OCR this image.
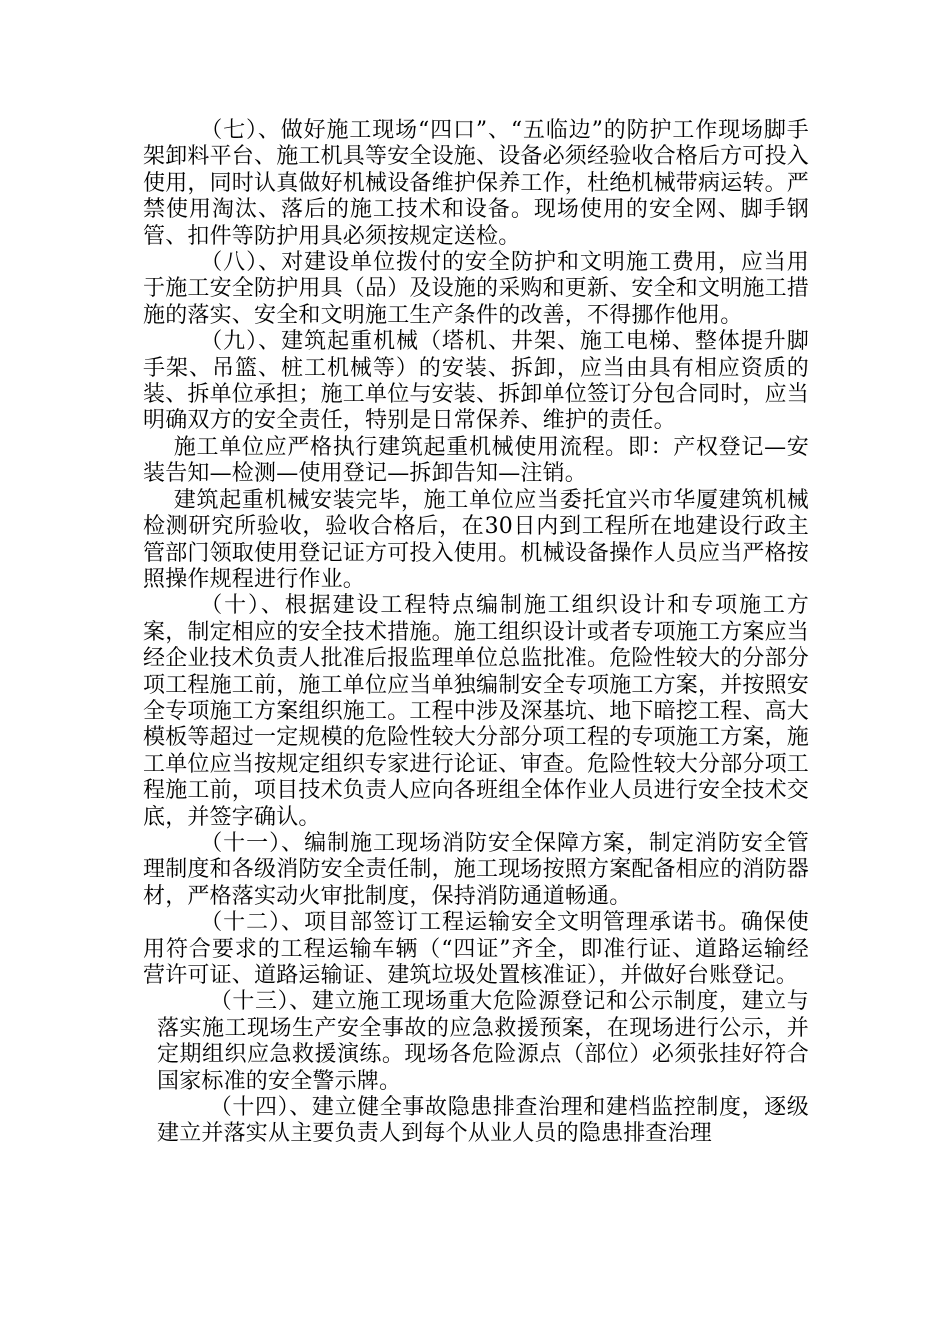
（七）、做好施工现场“四口”、“五临边”的防护工作现场脚手架卸料平台、施工机具等安全设施、设备必须经验收合格后方可投入使用，同时认真做好机械设备维护保养工作，杜绝机械带病运转。严禁使用淘汰、落后的施工技术和设备。现场使用的安全网、脚手钢管、扣件等防护用具必须按规定送检。

（八）、对建设单位拨付的安全防护和文明施工费用，应当用于施工安全防护用具（品）及设施的采购和更新、安全和文明施工措施的落实、安全和文明施工生产条件的改善，不得挪作他用。

（九）、建筑起重机械（塔机、井架、施工电梯、整体提升脚手架、吊篮、桩工机械等）的安装、拆卸，应当由具有相应资质的装、拆单位承担；施工单位与安装、拆卸单位签订分包合同时，应当明确双方的安全责任，特别是日常保养、维护的责任。

施工单位应严格执行建筑起重机械使用流程。即：产权登记—安装告知—检测—使用登记—拆卸告知—注销。

建筑起重机械安装完毕，施工单位应当委托宜兴市华厦建筑机械检测研究所验收，验收合格后，在30日内到工程所在地建设行政主管部门领取使用登记证方可投入使用。机械设备操作人员应当严格按照操作规程进行作业。

（十）、根据建设工程特点编制施工组织设计和专项施工方案，制定相应的安全技术措施。施工组织设计或者专项施工方案应当经企业技术负责人批准后报监理单位总监批准。危险性较大的分部分项工程施工前，施工单位应当单独编制安全专项施工方案，并按照安全专项施工方案组织施工。工程中涉及深基坑、地下暗挖工程、高大模板等超过一定规模的危险性较大分部分项工程的专项施工方案，施工单位应当按规定组织专家进行论证、审查。危险性较大分部分项工程施工前，项目技术负责人应向各班组全体作业人员进行安全技术交底，并签字确认。

（十一）、编制施工现场消防安全保障方案，制定消防安全管理制度和各级消防安全责任制，施工现场按照方案配备相应的消防器材，严格落实动火审批制度，保持消防通道畅通。

（十二）、项目部签订工程运输安全文明管理承诺书。确保使用符合要求的工程运输车辆（“四证”齐全，即准行证、道路运输经营许可证、道路运输证、建筑垃圾处置核准证），并做好台账登记。

（十三）、建立施工现场重大危险源登记和公示制度，建立与落实施工现场生产安全事故的应急救援预案，在现场进行公示，并定期组织应急救援演练。现场各危险源点（部位）必须张挂好符合国家标准的安全警示牌。

（十四）、建立健全事故隐患排查治理和建档监控制度，逐级建立并落实从主要负责人到每个从业人员的隐患排查治理
